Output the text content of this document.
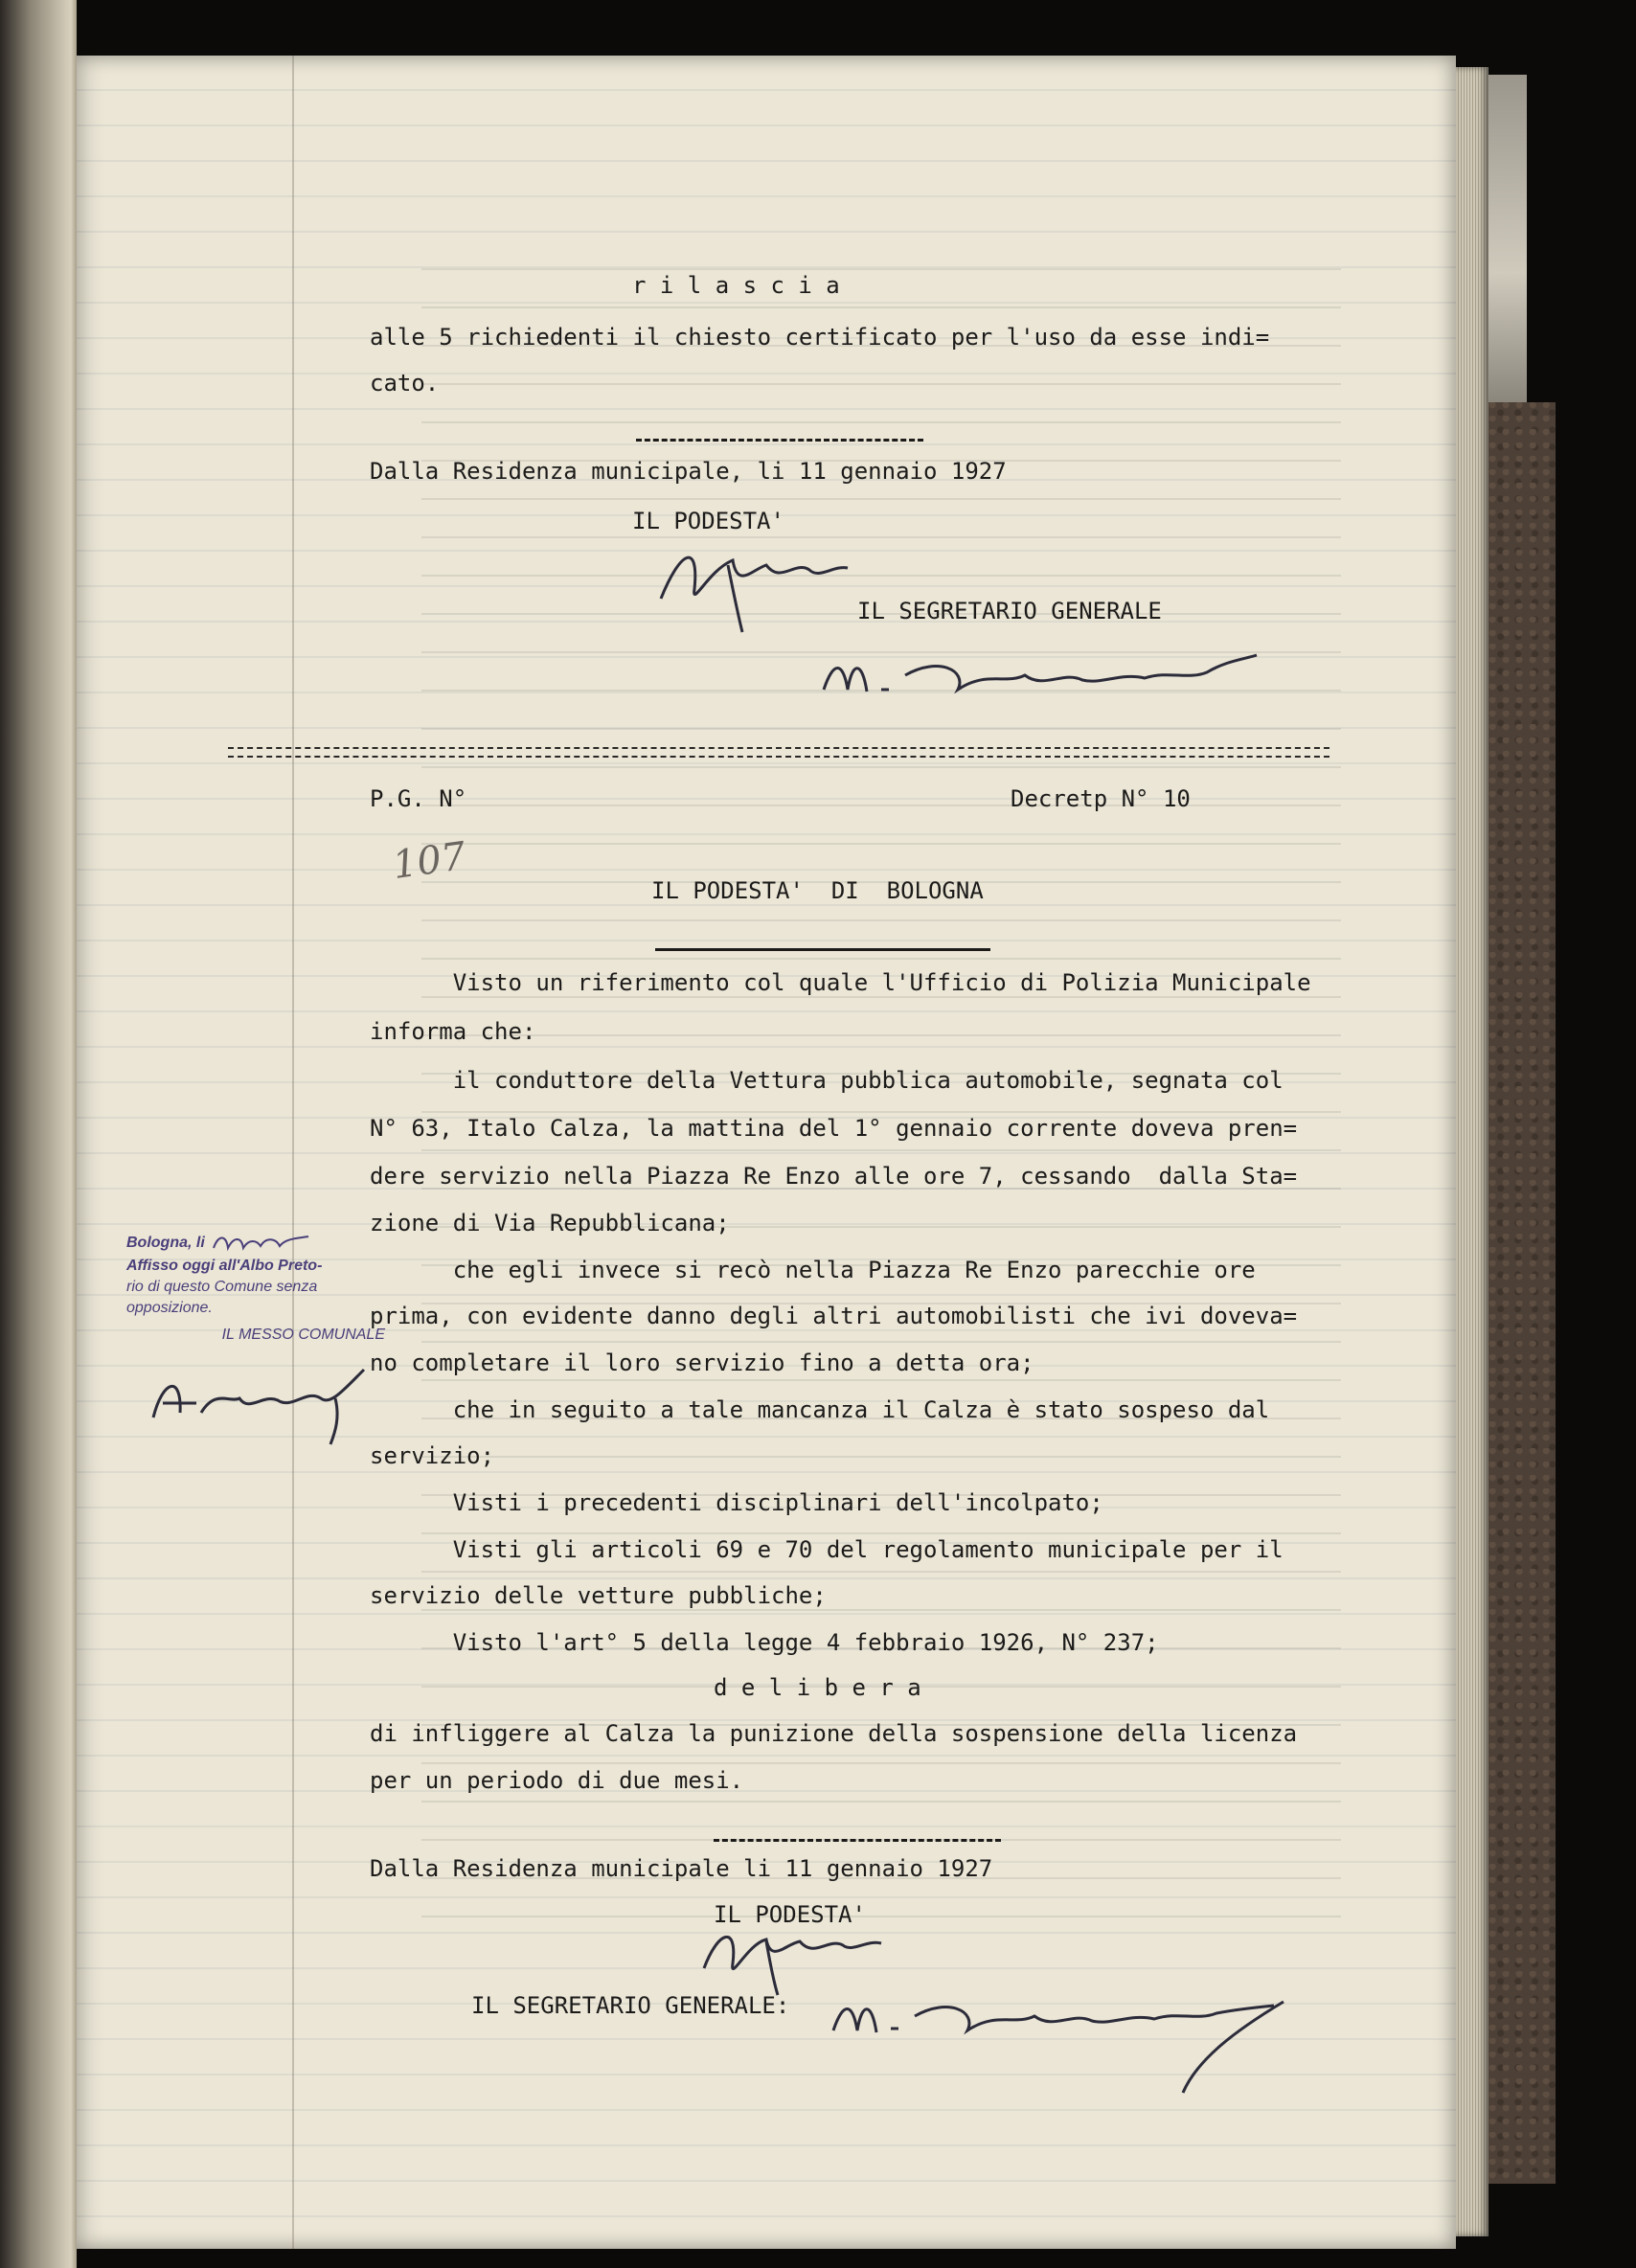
r i l a s c i a

alle 5 richiedenti il chiesto certificato per l'uso da esse indi=

cato.

Dalla Residenza municipale, li 11 gennaio 1927

IL PODESTA'

IL SEGRETARIO GENERALE

P.G. N°	Decretp N° 10

107

IL PODESTA'  DI  BOLOGNA

Visto un riferimento col quale l'Ufficio di Polizia Municipale

informa che:

il conduttore della Vettura pubblica automobile, segnata col

N° 63, Italo Calza, la mattina del 1° gennaio corrente doveva pren=

dere servizio nella Piazza Re Enzo alle ore 7, cessando  dalla Sta=

zione di Via Repubblicana;

che egli invece si recò nella Piazza Re Enzo parecchie ore

prima, con evidente danno degli altri automobilisti che ivi doveva=

no completare il loro servizio fino a detta ora;

che in seguito a tale mancanza il Calza è stato sospeso dal

servizio;

Visti i precedenti disciplinari dell'incolpato;

Visti gli articoli 69 e 70 del regolamento municipale per il

servizio delle vetture pubbliche;

Visto l'art° 5 della legge 4 febbraio 1926, N° 237;

d e l i b e r a

di infliggere al Calza la punizione della sospensione della licenza

per un periodo di due mesi.

Dalla Residenza municipale li 11 gennaio 1927

IL PODESTA'

IL SEGRETARIO GENERALE:

Bologna, li
Affisso oggi all'Albo Preto-
rio di questo Comune senza
opposizione.
IL MESSO COMUNALE
